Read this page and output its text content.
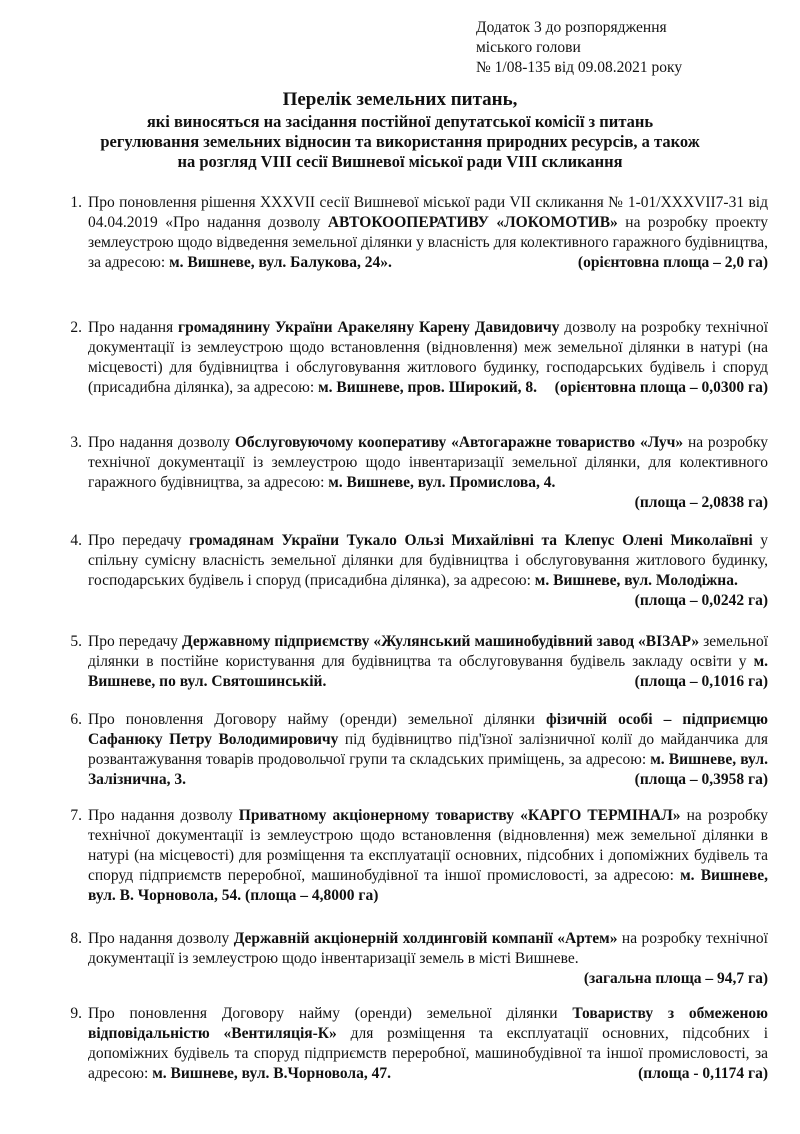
Додаток 3 до розпорядження
міського голови
№ 1/08-135 від 09.08.2021 року
Перелік земельних питань,
які виносяться на засідання постійної депутатської комісії з питань
регулювання земельних відносин та використання природних ресурсів, а також
на розгляд VIII сесії Вишневої міської ради VIII скликання
1. Про поновлення рішення XXXVII сесії Вишневої міської ради VII скликання № 1-01/XXXVII7-31 від 04.04.2019 «Про надання дозволу АВТОКООПЕРАТИВУ «ЛОКОМОТИВ» на розробку проекту землеустрою щодо відведення земельної ділянки у власність для колективного гаражного будівництва, за адресою: м. Вишневе, вул. Балукова, 24».	(орієнтовна площа – 2,0 га)
2. Про надання громадянину України Аракеляну Карену Давидовичу дозволу на розробку технічної документації із землеустрою щодо встановлення (відновлення) меж земельної ділянки в натурі (на місцевості) для будівництва і обслуговування житлового будинку, господарських будівель і споруд (присадибна ділянка), за адресою: м. Вишневе, пров. Широкий, 8. (орієнтовна площа – 0,0300 га)
3. Про надання дозволу Обслуговуючому кооперативу «Автогаражне товариство «Луч» на розробку технічної документації із землеустрою щодо інвентаризації земельної ділянки, для колективного гаражного будівництва, за адресою: м. Вишневе, вул. Промислова, 4.
(площа – 2,0838 га)
4. Про передачу громадянам України Тукало Ользі Михайлівні та Клепус Олені Миколаївні у спільну сумісну власність земельної ділянки для будівництва і обслуговування житлового будинку, господарських будівель і споруд (присадибна ділянка), за адресою: м. Вишневе, вул. Молодіжна.
(площа – 0,0242 га)
5. Про передачу Державному підприємству «Жулянський машинобудівний завод «ВІЗАР» земельної ділянки в постійне користування для будівництва та обслуговування будівель закладу освіти у м. Вишневе, по вул. Святошинській.	(площа – 0,1016 га)
6. Про поновлення Договору найму (оренди) земельної ділянки фізичній особі – підприємцю Сафанюку Петру Володимировичу під будівництво під'їзної залізничної колії до майданчика для розвантажування товарів продовольчої групи та складських приміщень, за адресою: м. Вишневе, вул. Залізнична, 3.	(площа – 0,3958 га)
7. Про надання дозволу Приватному акціонерному товариству «КАРГО ТЕРМІНАЛ» на розробку технічної документації із землеустрою щодо встановлення (відновлення) меж земельної ділянки в натурі (на місцевості) для розміщення та експлуатації основних, підсобних і допоміжних будівель та споруд підприємств переробної, машинобудівної та іншої промисловості, за адресою: м. Вишневе, вул. В. Чорновола, 54. (площа – 4,8000 га)
8. Про надання дозволу Державній акціонерній холдинговій компанії «Артем» на розробку технічної документації із землеустрою щодо інвентаризації земель в місті Вишневе.
(загальна площа – 94,7 га)
9. Про поновлення Договору найму (оренди) земельної ділянки Товариству з обмеженою відповідальністю «Вентиляція-К» для розміщення та експлуатації основних, підсобних і допоміжних будівель та споруд підприємств переробної, машинобудівної та іншої промисловості, за адресою: м. Вишневе, вул. В.Чорновола, 47.	(площа - 0,1174 га)
